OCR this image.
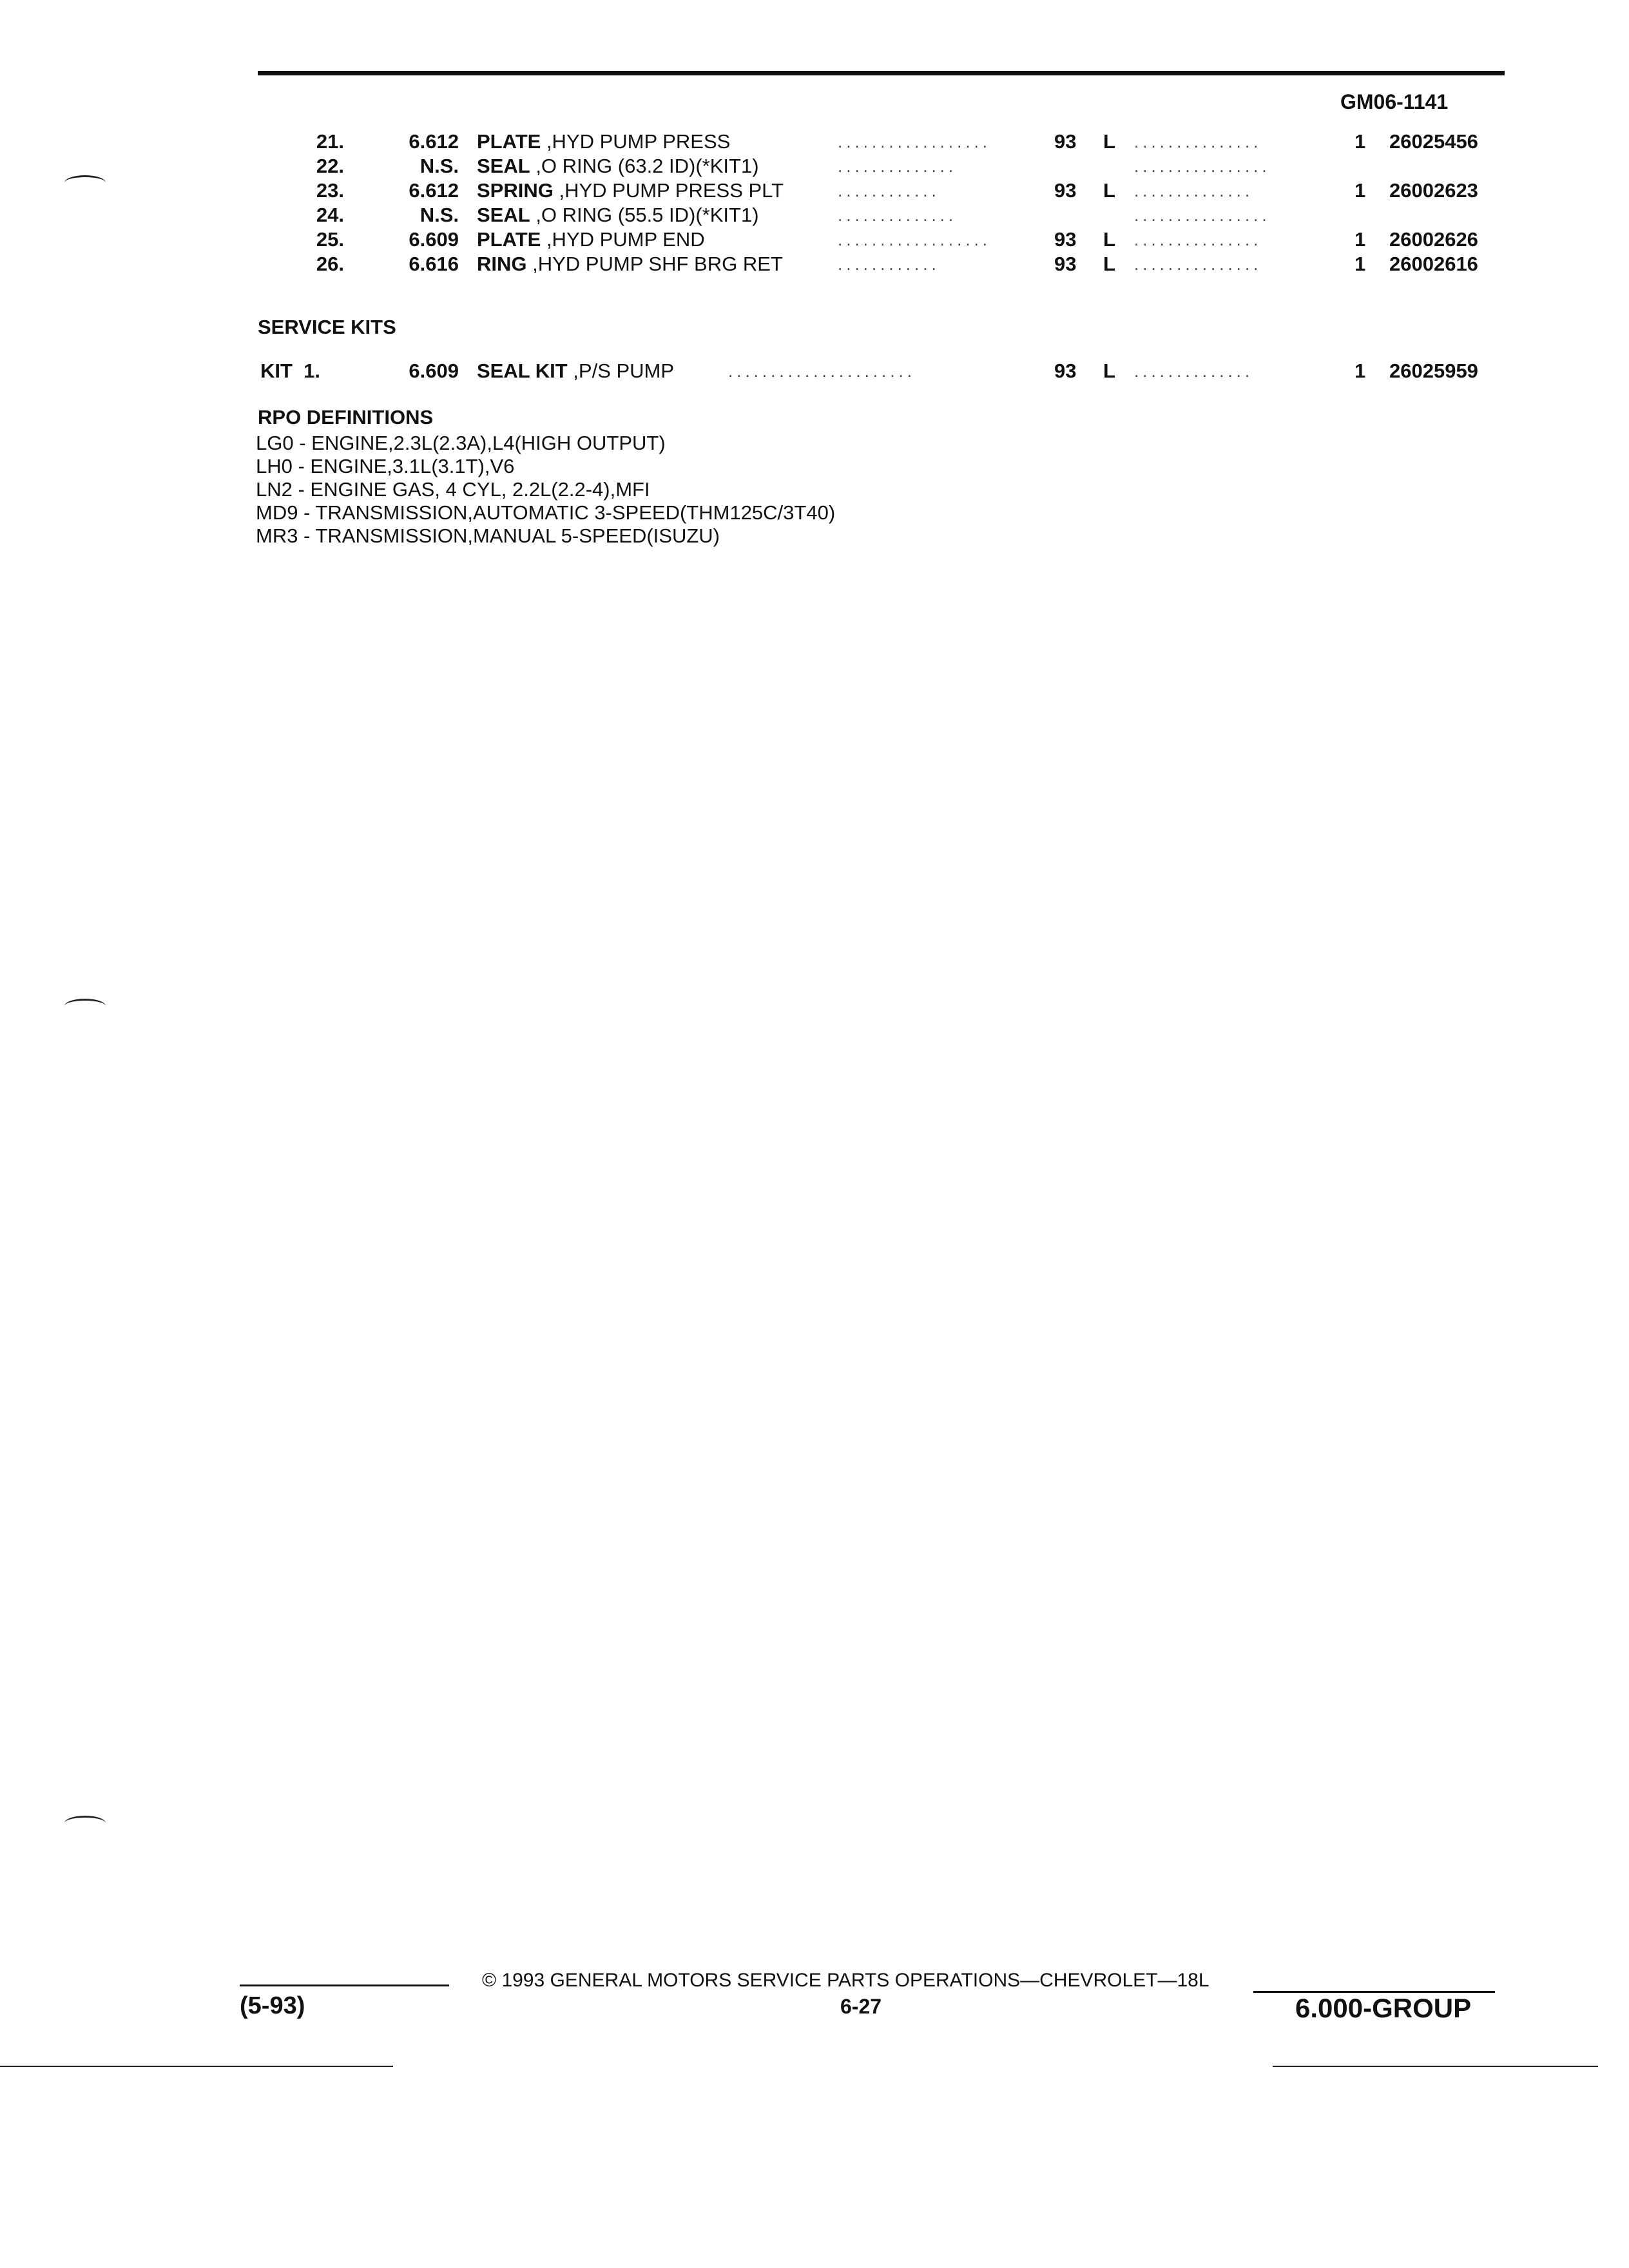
GM06-1141
21.	6.612 PLATE ,HYD PUMP PRESS	..................	93 L ...............	1 26025456
22.	N.S. SEAL ,O RING (63.2 ID)(*KIT1)	..............	................
23.	6.612 SPRING ,HYD PUMP PRESS PLT	............	93 L ..............	1 26002623
24.	N.S. SEAL ,O RING (55.5 ID)(*KIT1)	..............	................
25.	6.609 PLATE ,HYD PUMP END	..................	93 L ...............	1 26002626
26.	6.616 RING ,HYD PUMP SHF BRG RET	............	93 L ...............	1 26002616
SERVICE KITS
KIT  1.	6.609 SEAL KIT ,P/S PUMP	......................	93 L ..............	1 26025959
RPO DEFINITIONS
LG0 - ENGINE,2.3L(2.3A),L4(HIGH OUTPUT)
LH0 - ENGINE,3.1L(3.1T),V6
LN2 - ENGINE GAS, 4 CYL, 2.2L(2.2-4),MFI
MD9 - TRANSMISSION,AUTOMATIC 3-SPEED(THM125C/3T40)
MR3 - TRANSMISSION,MANUAL 5-SPEED(ISUZU)
© 1993 GENERAL MOTORS SERVICE PARTS OPERATIONS—CHEVROLET—18L
(5-93)	6-27	6.000-GROUP
